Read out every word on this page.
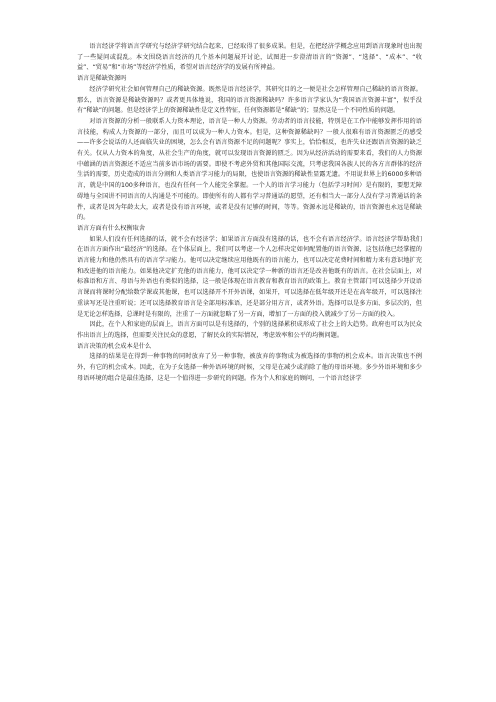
语言经济学将语言学研究与经济学研究结合起来，已经取得了很多成果。但是，在把经济学概念应用到语言现象时也出现了一些疑问或混乱。本文围绕语言经济的几个基本问题展开讨论，试图进一步澄清语言的“资源”、“选择”、“成本”、“收益”、“贸易”和“市场”等经济学性质，希望对语言经济学的发展有所裨益。

语言是稀缺资源吗

经济学研究社会如何管理自己的稀缺资源。既然是语言经济学，其研究目的之一便是社会怎样管理自己稀缺的语言资源。那么，语言资源是稀缺资源吗？或者更具体地说，我国的语言资源稀缺吗？许多语言学家认为“我国语言资源丰富”，似乎没有“稀缺”的问题。但是经济学上的资源稀缺性是定义性特征，任何资源都是“稀缺”的；显然这是一个不同性质的问题。

对语言资源的分析一般联系人力资本理论，语言是一种人力资源。劳动者的语言技能，特别是在工作中能够发挥作用的语言技能，构成人力资源的一部分，而且可以成为一种人力资本。但是，这种资源稀缺吗？一般人很难有语言资源匮乏的感受——许多会说话的人还面临失业的困境，怎么会有语言资源不足的问题呢？事实上，恰恰相反，也许失业还跟语言资源的缺乏有关。仅从人力资本的角度，从社会生产的角度，就可以发现语言资源的匮乏。因为从经济活动的需要来看，我们的人力资源中蕴涵的语言资源还不适应当前多语市场的需要。即使不考虑外贸和其他国际交流，只考虑我国各族人民的各方言群体的经济生活的需要，历史造成的语言分割和人类语言学习能力的局限，也使语言资源的稀缺性显露无遗。不用说世界上的6000多种语言，就是中国的100多种语言，也没有任何一个人能完全掌握。一个人的语言学习能力（包括学习时间）是有限的，要想无障碍地与全国讲不同语言的人沟通是不可能的。即使所有的人都有学习普通话的愿望，还有相当大一部分人没有学习普通话的条件，或者是因为年龄太大，或者是没有语言环境，或者是没有足够的时间，等等。资源永远是稀缺的，语言资源也永远是稀缺的。

语言方面有什么权衡取舍

如果人们没有任何选择的话，就不会有经济学；如果语言方面没有选择的话，也不会有语言经济学。语言经济学帮助我们在语言方面作出“最经济”的选择。在个体层面上，我们可以考虑一个人怎样决定如何配置他的语言资源，这包括他已经掌握的语言能力和他仍然具有的语言学习能力。他可以决定继续应用他既有的语言能力，也可以决定花费时间和精力来有意识地扩充和改进他的语言能力。如果他决定扩充他的语言能力，他可以决定学一种新的语言还是改善他既有的语言。在社会层面上，对标准语和方言、母语与外语也有类似的选择，这一般是体现在语言教育和教育语言的政策上。教育主管部门可以选择少开设语言课而将课时分配给数学课或其他课，也可以选择开不开外语课，如果开，可以选择在低年级开还是在高年级开，可以选择注重读写还是注重听说；还可以选择教育语言是全部用标准语，还是部分用方言，或者外语。选择可以是多方面、多层次的，但是无论怎样选择，总课时是有限的，注重了一方面就忽略了另一方面，增加了一方面的投入就减少了另一方面的投入。

因此，在个人和家庭的层面上，语言方面可以是有选择的，个别的选择累积成形成了社会上的大趋势。政府也可以为民众作出语言上的选择，但需要关注民众的意愿，了解民众的实际情况，考虑效率和公平的均衡问题。

语言决策的机会成本是什么

选择的结果是在得到一种事物的同时放弃了另一种事物，被放弃的事物成为被选择的事物的机会成本。语言决策也不例外，有它的机会成本。因此，在为子女选择一种外语环境的时候，父母是在减少或消除了他的母语环境。多少外语环境和多少母语环境的组合是最佳选择，这是一个值得进一步研究的问题。作为个人和家庭的顾问，一个语言经济学
